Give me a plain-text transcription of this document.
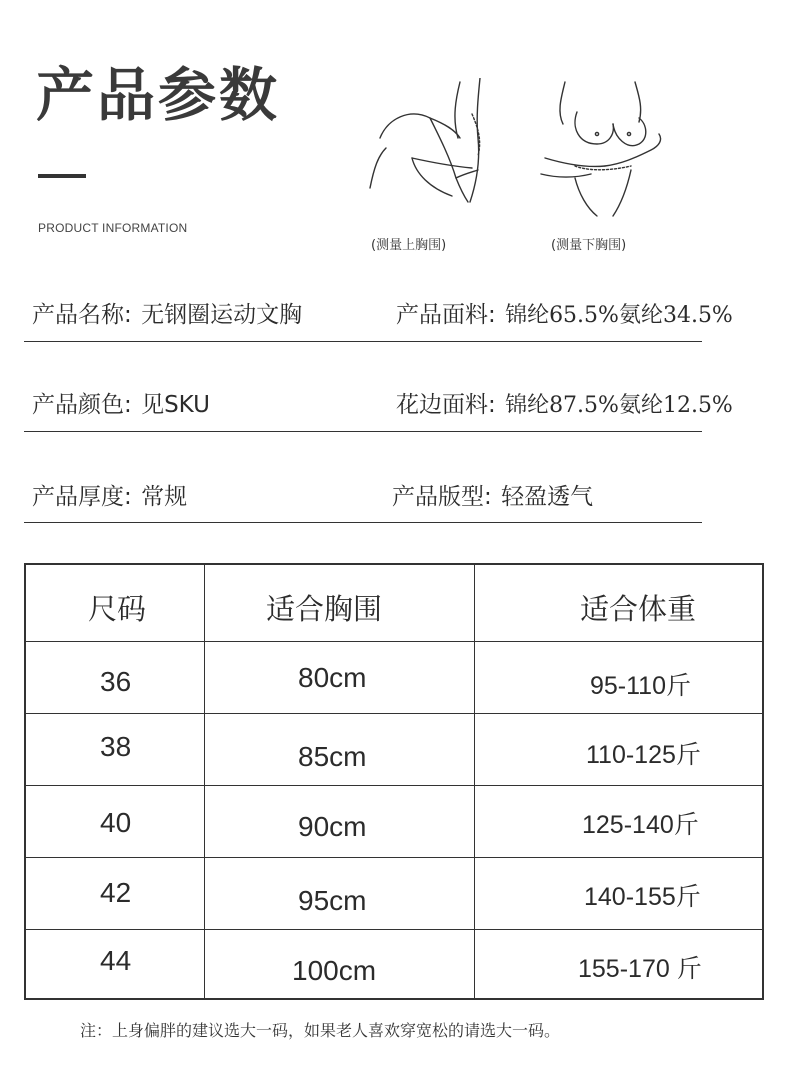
产品参数
PRODUCT INFORMATION
(测量上胸围)	(测量下胸围)
产品名称: 无钢圈运动文胸	产品面料: 锦纶65.5%氨纶34.5%
产品颜色: 见SKU	花边面料: 锦纶87.5%氨纶12.5%
产品厚度: 常规	产品版型: 轻盈透气
尺码	适合胸围	适合体重
36	80cm	95-110斤
38	85cm	110-125斤
40	90cm	125-140斤
42	95cm	140-155斤
44	100cm	155-170 斤
注：上身偏胖的建议选大一码，如果老人喜欢穿宽松的请选大一码。
